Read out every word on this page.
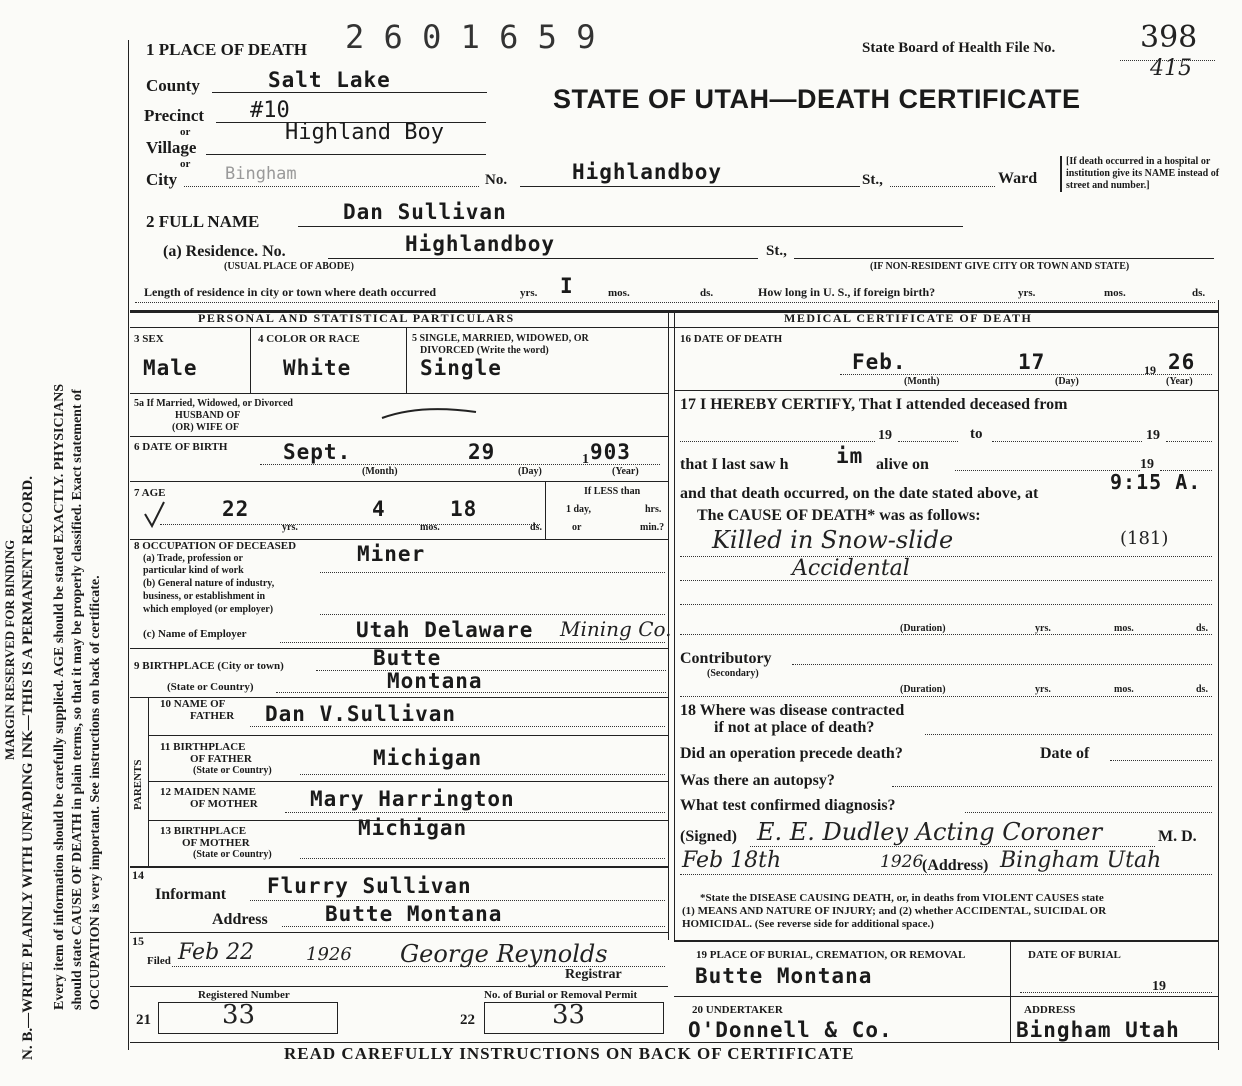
MARGIN RESERVED FOR BINDING N. B.—WRITE PLAINLY WITH UNFADING INK—THIS IS A PERMANENT RECORD. Every item of information should be carefully supplied. AGE should be stated EXACTLY. PHYSICIANS should state CAUSE OF DEATH in plain terms, so that it may be properly classified. Exact statement of OCCUPATION is very important. See instructions on back of certificate.
1 PLACE OF DEATH 2 6 0 1 6 5 9	State Board of Health File No.	398
415
STATE OF UTAH—DEATH CERTIFICATE
County	Salt Lake
Precinct #10
or
Village
Highland Boy
or
City	Bingham	No.	Highlandboy	St.,	Ward
[If death occurred in a hospital or institution give its NAME instead of street and number.]
2 FULL NAME	Dan Sullivan
(a) Residence. No.	Highlandboy	St.,
(USUAL PLACE OF ABODE)	(IF NON-RESIDENT GIVE CITY OR TOWN AND STATE)
Length of residence in city or town where death occurred	yrs. I	mos.	ds.	How long in U. S., if foreign birth?	yrs.	mos.	ds.
PERSONAL AND STATISTICAL PARTICULARS	MEDICAL CERTIFICATE OF DEATH
3 SEX
Male
4 COLOR OR RACE
White
5 SINGLE, MARRIED, WIDOWED, OR
DIVORCED (Write the word)
Single
5a If Married, Widowed, or Divorced
HUSBAND OF
(OR) WIFE OF
6 DATE OF BIRTH	Sept.	29	1 903
(Month)	(Day)	(Year)
7 AGE
22	4	18
yrs.	mos.	ds.
If LESS than
1 day,	hrs.
or	min.?
8 OCCUPATION OF DECEASED
(a) Trade, profession or
particular kind of work
(b) General nature of industry,
business, or establishment in
which employed (or employer)
Miner
(c) Name of Employer	Utah Delaware Mining Co.
9 BIRTHPLACE (City or town)	Butte
(State or Country)	Montana
PARENTS
10 NAME OF
FATHER Dan V.Sullivan
11 BIRTHPLACE
OF FATHER
(State or Country)
Michigan
12 MAIDEN NAME
OF MOTHER Mary Harrington
13 BIRTHPLACE
OF MOTHER
(State or Country)
Michigan
14
Informant Flurry Sullivan
Address	Butte Montana
15
Filed Feb 22	1926 George Reynolds
Registrar
Registered Number	No. of Burial or Removal Permit
21	33	22	33
16 DATE OF DEATH
Feb.	17	19 26
(Month)	(Day)	(Year)
17 I HEREBY CERTIFY, That I attended deceased from
19	to	19
that I last saw h im alive on	19
and that death occurred, on the date stated above, at	9:15 A.
The CAUSE OF DEATH* was as follows:
Killed in Snow-slide	(181)
Accidental
(Duration)	yrs.	mos.	ds.
Contributory
(Secondary)
(Duration)	yrs.	mos.	ds.
18 Where was disease contracted
if not at place of death?
Did an operation precede death?	Date of
Was there an autopsy?
What test confirmed diagnosis?
(Signed) E. E. Dudley Acting Coroner	M. D.
Feb 18th	1926
(Address) Bingham Utah
*State the DISEASE CAUSING DEATH, or, in deaths from VIOLENT CAUSES state
(1) MEANS AND NATURE OF INJURY; and (2) whether ACCIDENTAL, SUICIDAL OR
HOMICIDAL. (See reverse side for additional space.)
19 PLACE OF BURIAL, CREMATION, OR REMOVAL
Butte Montana
DATE OF BURIAL
19
20 UNDERTAKER
O'Donnell & Co.
ADDRESS
Bingham Utah
READ CAREFULLY INSTRUCTIONS ON BACK OF CERTIFICATE
